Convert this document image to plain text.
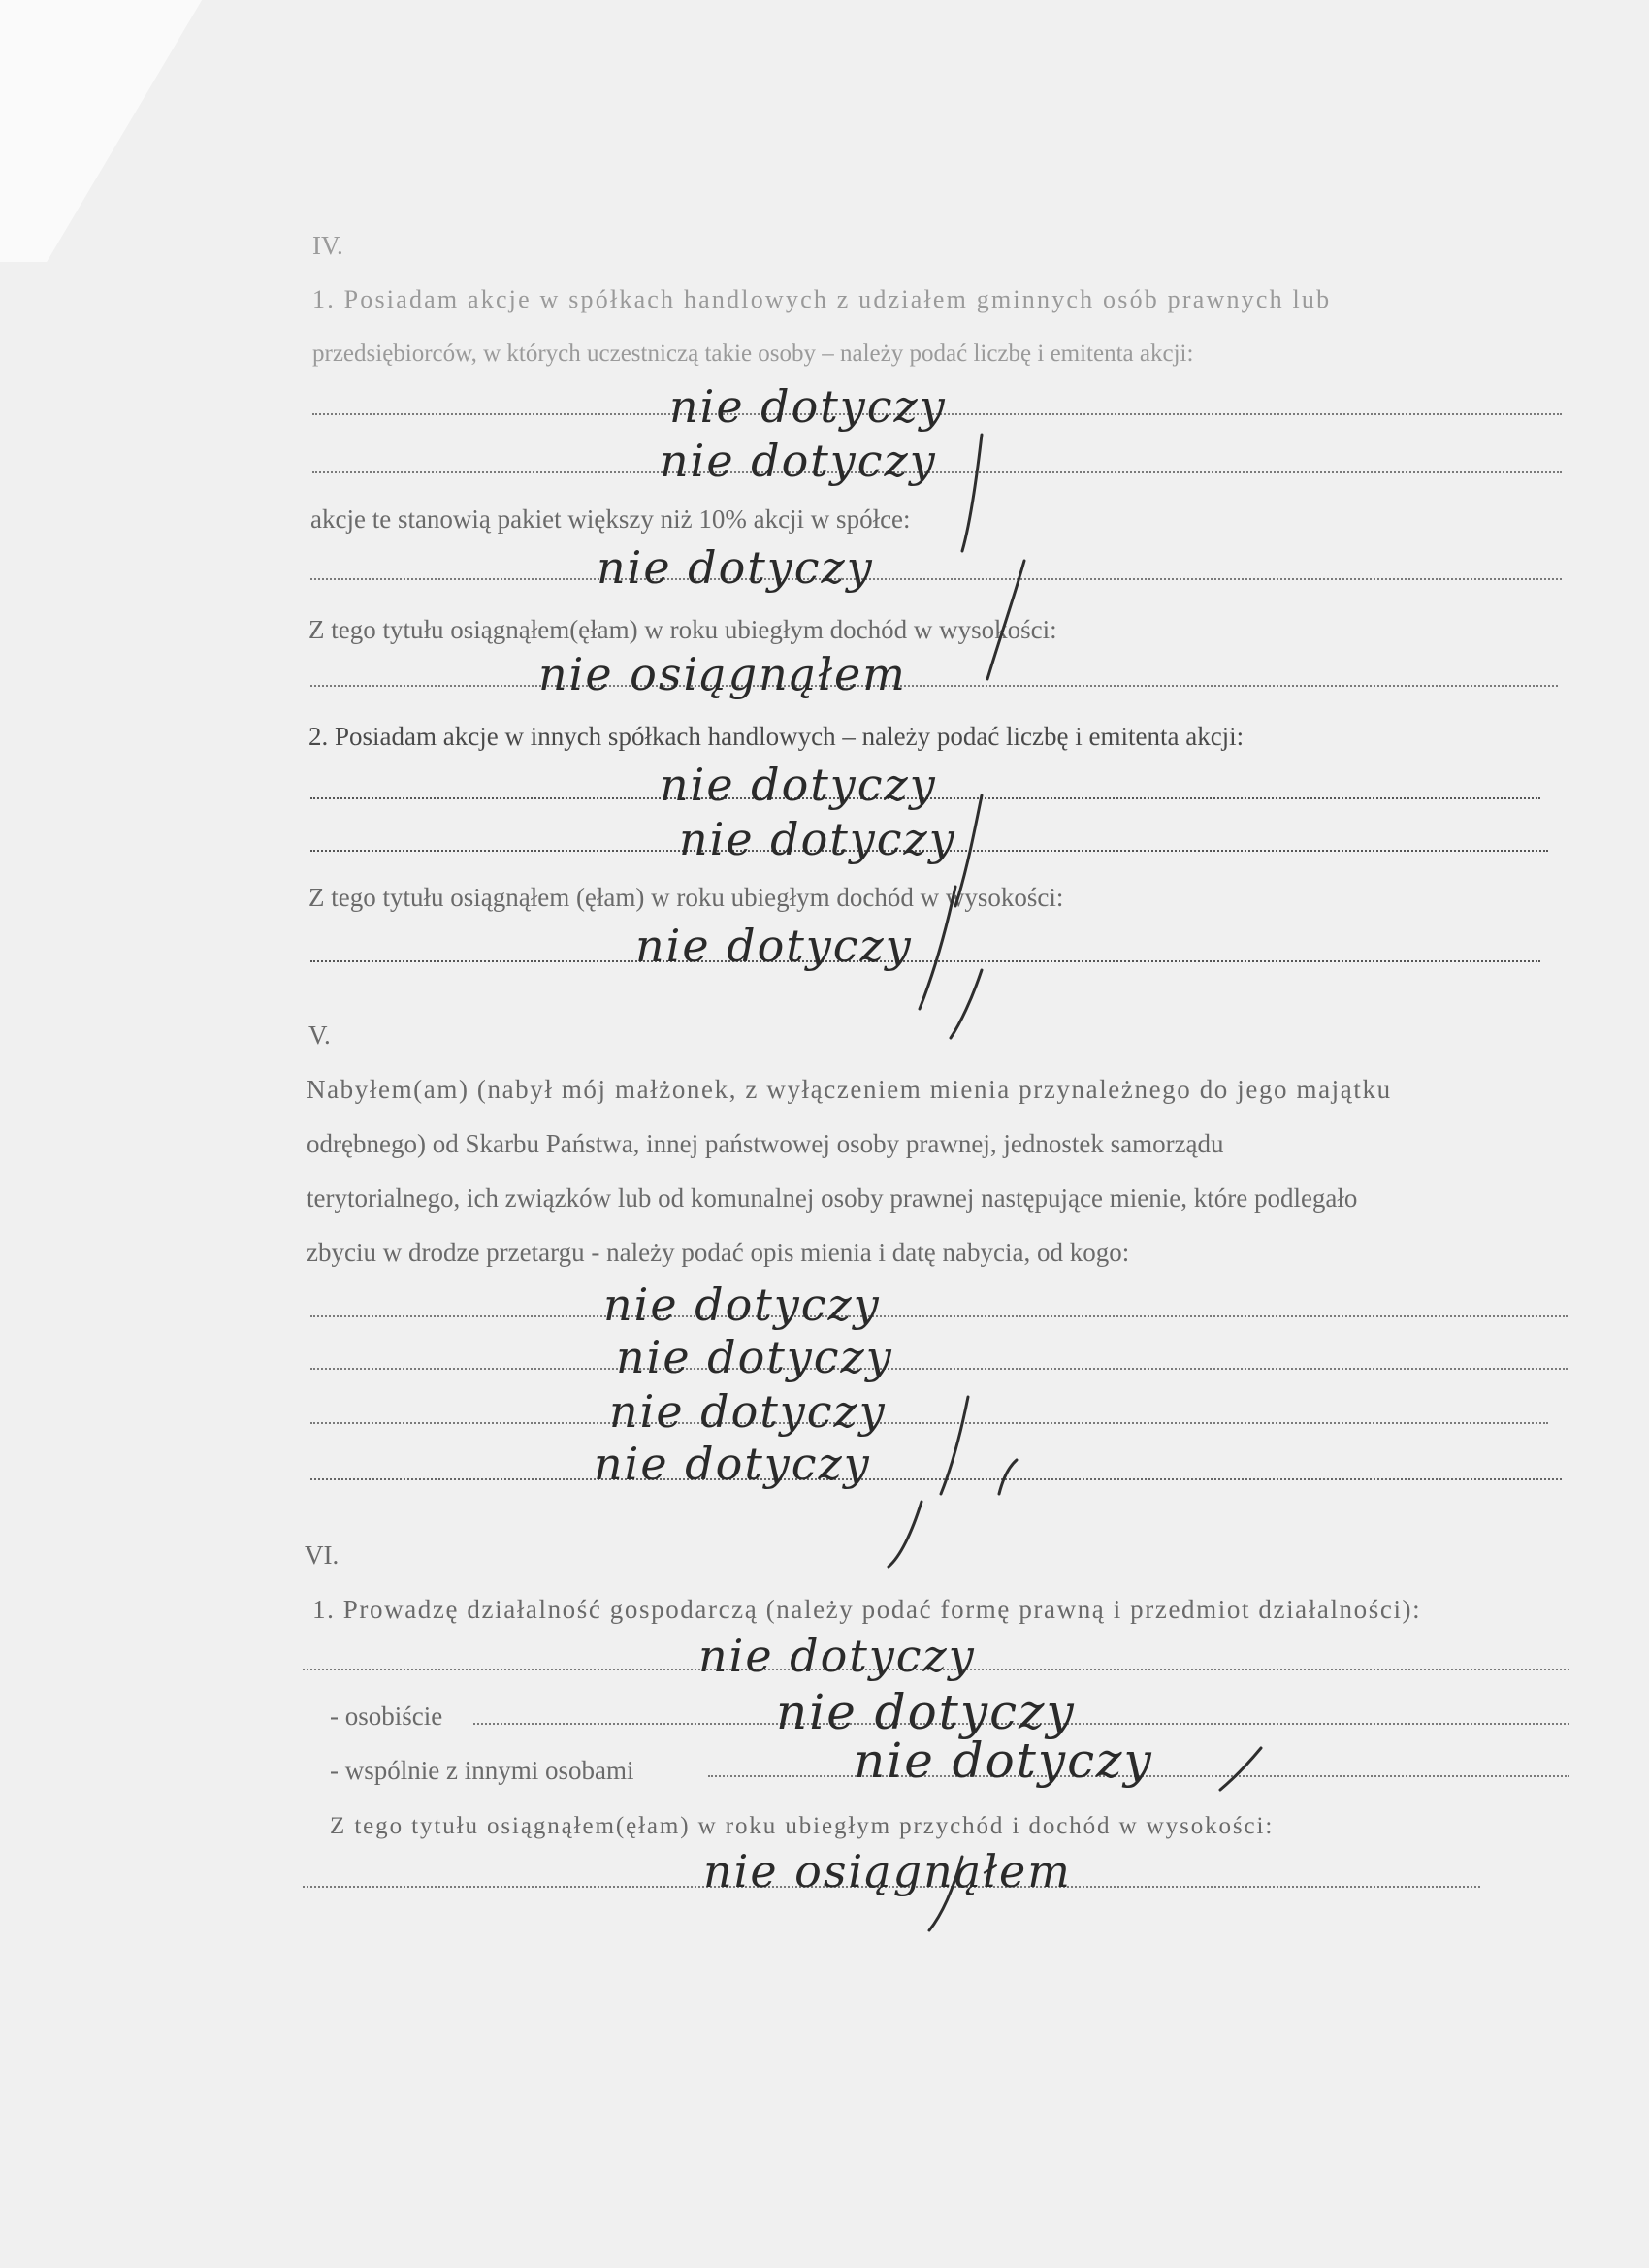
IV.
1. Posiadam akcje w spółkach handlowych z udziałem gminnych osób prawnych lub
przedsiębiorców, w których uczestniczą takie osoby – należy podać liczbę i emitenta akcji:
nie dotyczy
nie dotyczy
akcje te stanowią pakiet większy niż 10% akcji w spółce:
nie dotyczy
Z tego tytułu osiągnąłem(ęłam) w roku ubiegłym dochód w wysokości:
nie osiągnąłem
2. Posiadam akcje w innych spółkach handlowych – należy podać liczbę i emitenta akcji:
nie dotyczy
nie dotyczy
Z tego tytułu osiągnąłem (ęłam) w roku ubiegłym dochód w wysokości:
nie dotyczy
V.
Nabyłem(am) (nabył mój małżonek, z wyłączeniem mienia przynależnego do jego majątku
odrębnego) od Skarbu Państwa, innej państwowej osoby prawnej, jednostek samorządu
terytorialnego, ich związków lub od komunalnej osoby prawnej następujące mienie, które podlegało
zbyciu w drodze przetargu - należy podać opis mienia i datę nabycia, od kogo:
nie dotyczy
nie dotyczy
nie dotyczy
nie dotyczy
VI.
1. Prowadzę działalność gospodarczą (należy podać formę prawną i przedmiot działalności):
nie dotyczy
- osobiście	nie dotyczy
- wspólnie z innymi osobami	nie dotyczy
Z tego tytułu osiągnąłem(ęłam) w roku ubiegłym przychód i dochód w wysokości:
nie osiągnąłem
